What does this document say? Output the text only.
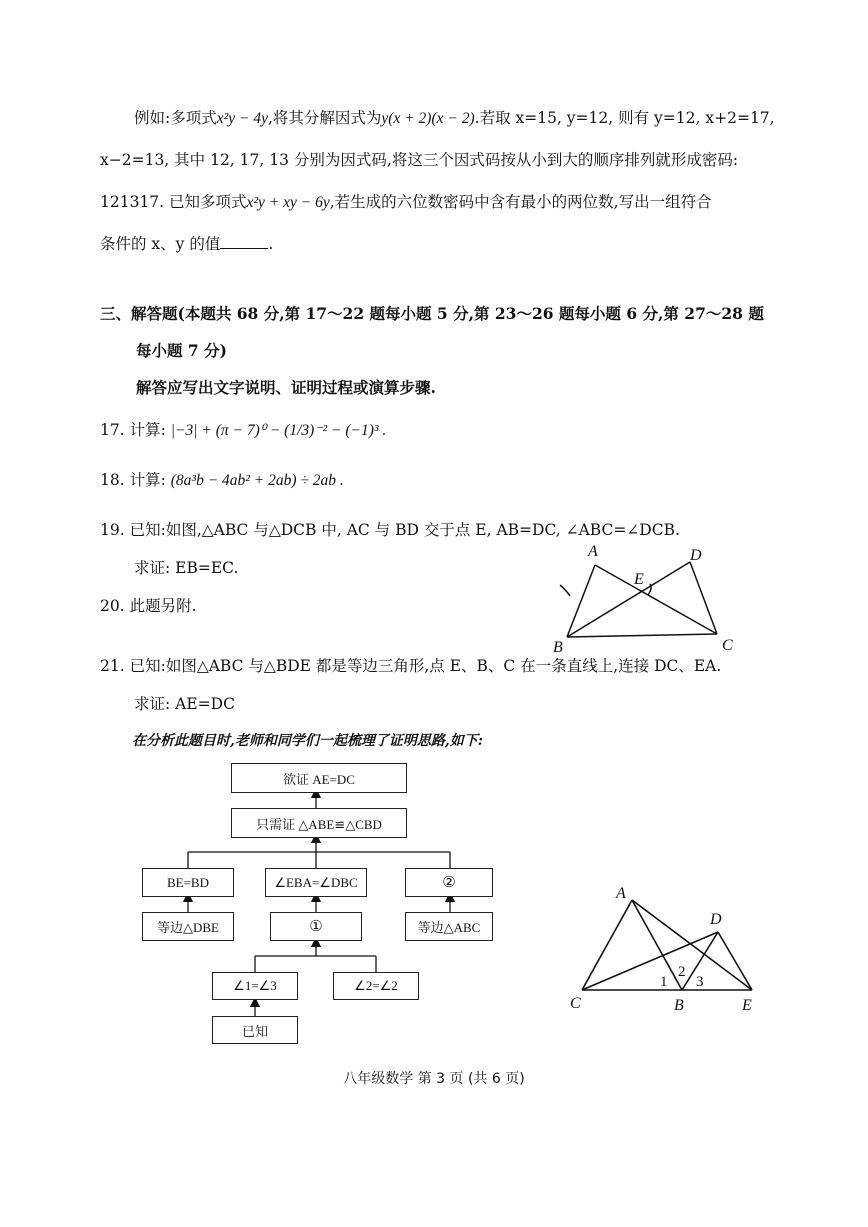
例如:多项式x²y − 4y,将其分解因式为y(x + 2)(x − 2).若取 x=15, y=12, 则有 y=12, x+2=17,
x−2=13, 其中 12, 17, 13 分别为因式码,将这三个因式码按从小到大的顺序排列就形成密码:
121317. 已知多项式x²y + xy − 6y,若生成的六位数密码中含有最小的两位数,写出一组符合
条件的 x、y 的值	.
三、解答题(本题共 68 分,第 17～22 题每小题 5 分,第 23～26 题每小题 6 分,第 27～28 题
每小题 7 分)
解答应写出文字说明、证明过程或演算步骤.
17. 计算: |−3| + (π − 7)⁰ − (1/3)⁻² − (−1)³ .
18. 计算: (8a³b − 4ab² + 2ab) ÷ 2ab .
19. 已知:如图,△ABC 与△DCB 中, AC 与 BD 交于点 E, AB=DC, ∠ABC=∠DCB.
求证: EB=EC.
20. 此题另附.
A	D
E
B	C
21. 已知:如图△ABC 与△BDE 都是等边三角形,点 E、B、C 在一条直线上,连接 DC、EA.
求证: AE=DC
在分析此题目时,老师和同学们一起梳理了证明思路,如下:
欲证 AE=DC
只需证 △ABE≌△CBD
BE=BD	∠EBA=∠DBC	②
等边△DBE	①	等边△ABC
∠1=∠3	∠2=∠2
已知
A
D
C	B	E
1
2
3
八年级数学 第 3 页 (共 6 页)
